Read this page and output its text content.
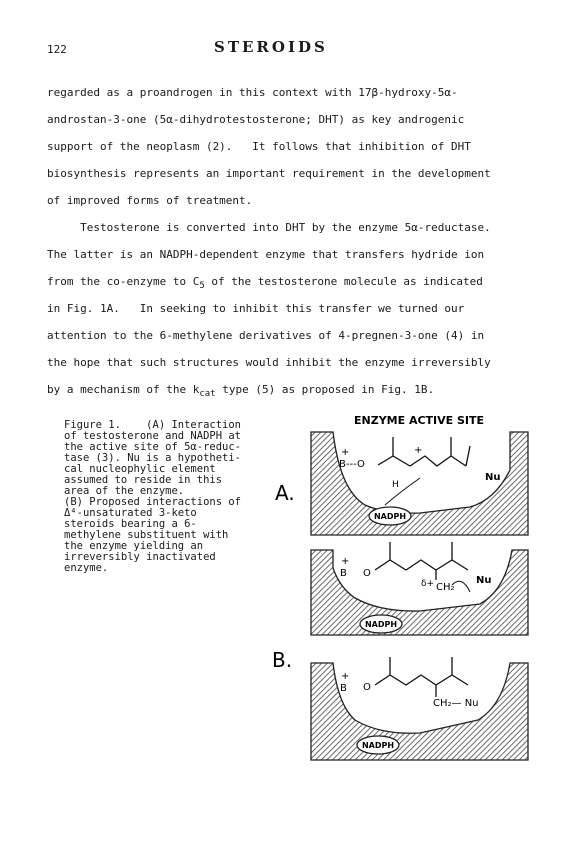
122	STEROIDS
regarded as a proandrogen in this context with 17β-hydroxy-5α-
androstan-3-one (5α-dihydrotestosterone; DHT) as key androgenic
support of the neoplasm (2).   It follows that inhibition of DHT
biosynthesis represents an important requirement in the development
of improved forms of treatment.
Testosterone is converted into DHT by the enzyme 5α-reductase.
The latter is an NADPH-dependent enzyme that transfers hydride ion
from the co-enzyme to $C_5$ of the testosterone molecule as indicated
in Fig. 1A.   In seeking to inhibit this transfer we turned our
attention to the 6-methylene derivatives of 4-pregnen-3-one (4) in
the hope that such structures would inhibit the enzyme irreversibly
by a mechanism of the $k_{cat}$ type (5) as proposed in Fig. 1B.
Figure 1.    (A) Interaction
of testosterone and NADPH at
the active site of 5α-reduc-
tase (3). Nu is a hypotheti-
cal nucleophylic element
assumed to reside in this
area of the enzyme.
(B) Proposed interactions of
Δ⁴-unsaturated 3-keto
steroids bearing a 6-
methylene substituent with
the enzyme yielding an
irreversibly inactivated
enzyme.
ENZYME ACTIVE SITE
A.
NADPH
+
B---O
Nu
H
+
NADPH
+
B O
δ+ CH₂
Nu
B.
NADPH
+
B O
CH₂— Nu
